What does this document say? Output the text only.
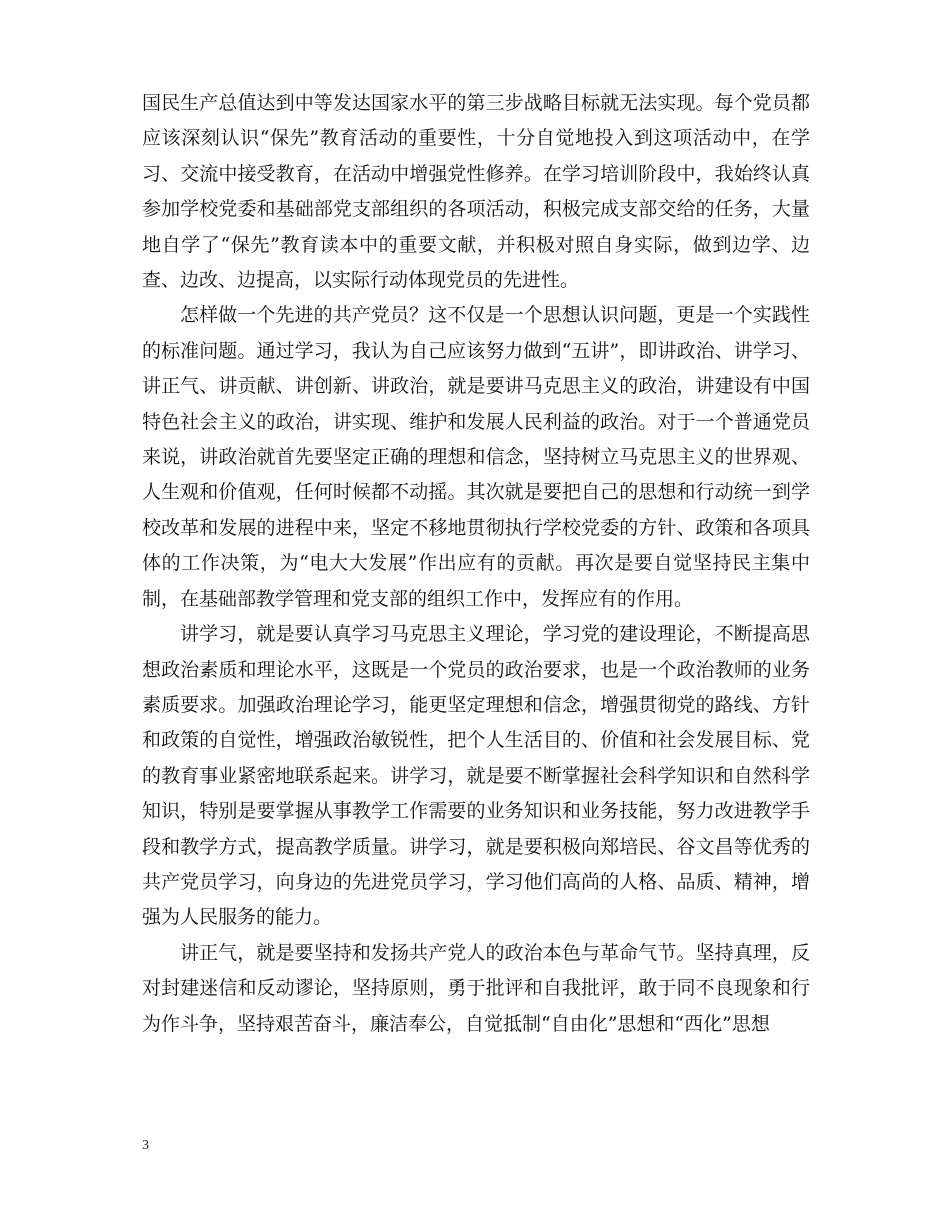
国民生产总值达到中等发达国家水平的第三步战略目标就无法实现。每个党员都应该深刻认识“保先”教育活动的重要性，十分自觉地投入到这项活动中，在学习、交流中接受教育，在活动中增强党性修养。在学习培训阶段中，我始终认真参加学校党委和基础部党支部组织的各项活动，积极完成支部交给的任务，大量地自学了“保先”教育读本中的重要文献，并积极对照自身实际，做到边学、边查、边改、边提高，以实际行动体现党员的先进性。

怎样做一个先进的共产党员？这不仅是一个思想认识问题，更是一个实践性的标准问题。通过学习，我认为自己应该努力做到“五讲”，即讲政治、讲学习、讲正气、讲贡献、讲创新、讲政治，就是要讲马克思主义的政治，讲建设有中国特色社会主义的政治，讲实现、维护和发展人民利益的政治。对于一个普通党员来说，讲政治就首先要坚定正确的理想和信念，坚持树立马克思主义的世界观、人生观和价值观，任何时候都不动摇。其次就是要把自己的思想和行动统一到学校改革和发展的进程中来，坚定不移地贯彻执行学校党委的方针、政策和各项具体的工作决策，为“电大大发展”作出应有的贡献。再次是要自觉坚持民主集中制，在基础部教学管理和党支部的组织工作中，发挥应有的作用。

讲学习，就是要认真学习马克思主义理论，学习党的建设理论，不断提高思想政治素质和理论水平，这既是一个党员的政治要求，也是一个政治教师的业务素质要求。加强政治理论学习，能更坚定理想和信念，增强贯彻党的路线、方针和政策的自觉性，增强政治敏锐性，把个人生活目的、价值和社会发展目标、党的教育事业紧密地联系起来。讲学习，就是要不断掌握社会科学知识和自然科学知识，特别是要掌握从事教学工作需要的业务知识和业务技能，努力改进教学手段和教学方式，提高教学质量。讲学习，就是要积极向郑培民、谷文昌等优秀的共产党员学习，向身边的先进党员学习，学习他们高尚的人格、品质、精神，增强为人民服务的能力。

讲正气，就是要坚持和发扬共产党人的政治本色与革命气节。坚持真理，反对封建迷信和反动谬论，坚持原则，勇于批评和自我批评，敢于同不良现象和行为作斗争，坚持艰苦奋斗，廉洁奉公，自觉抵制“自由化”思想和“西化”思想

3
